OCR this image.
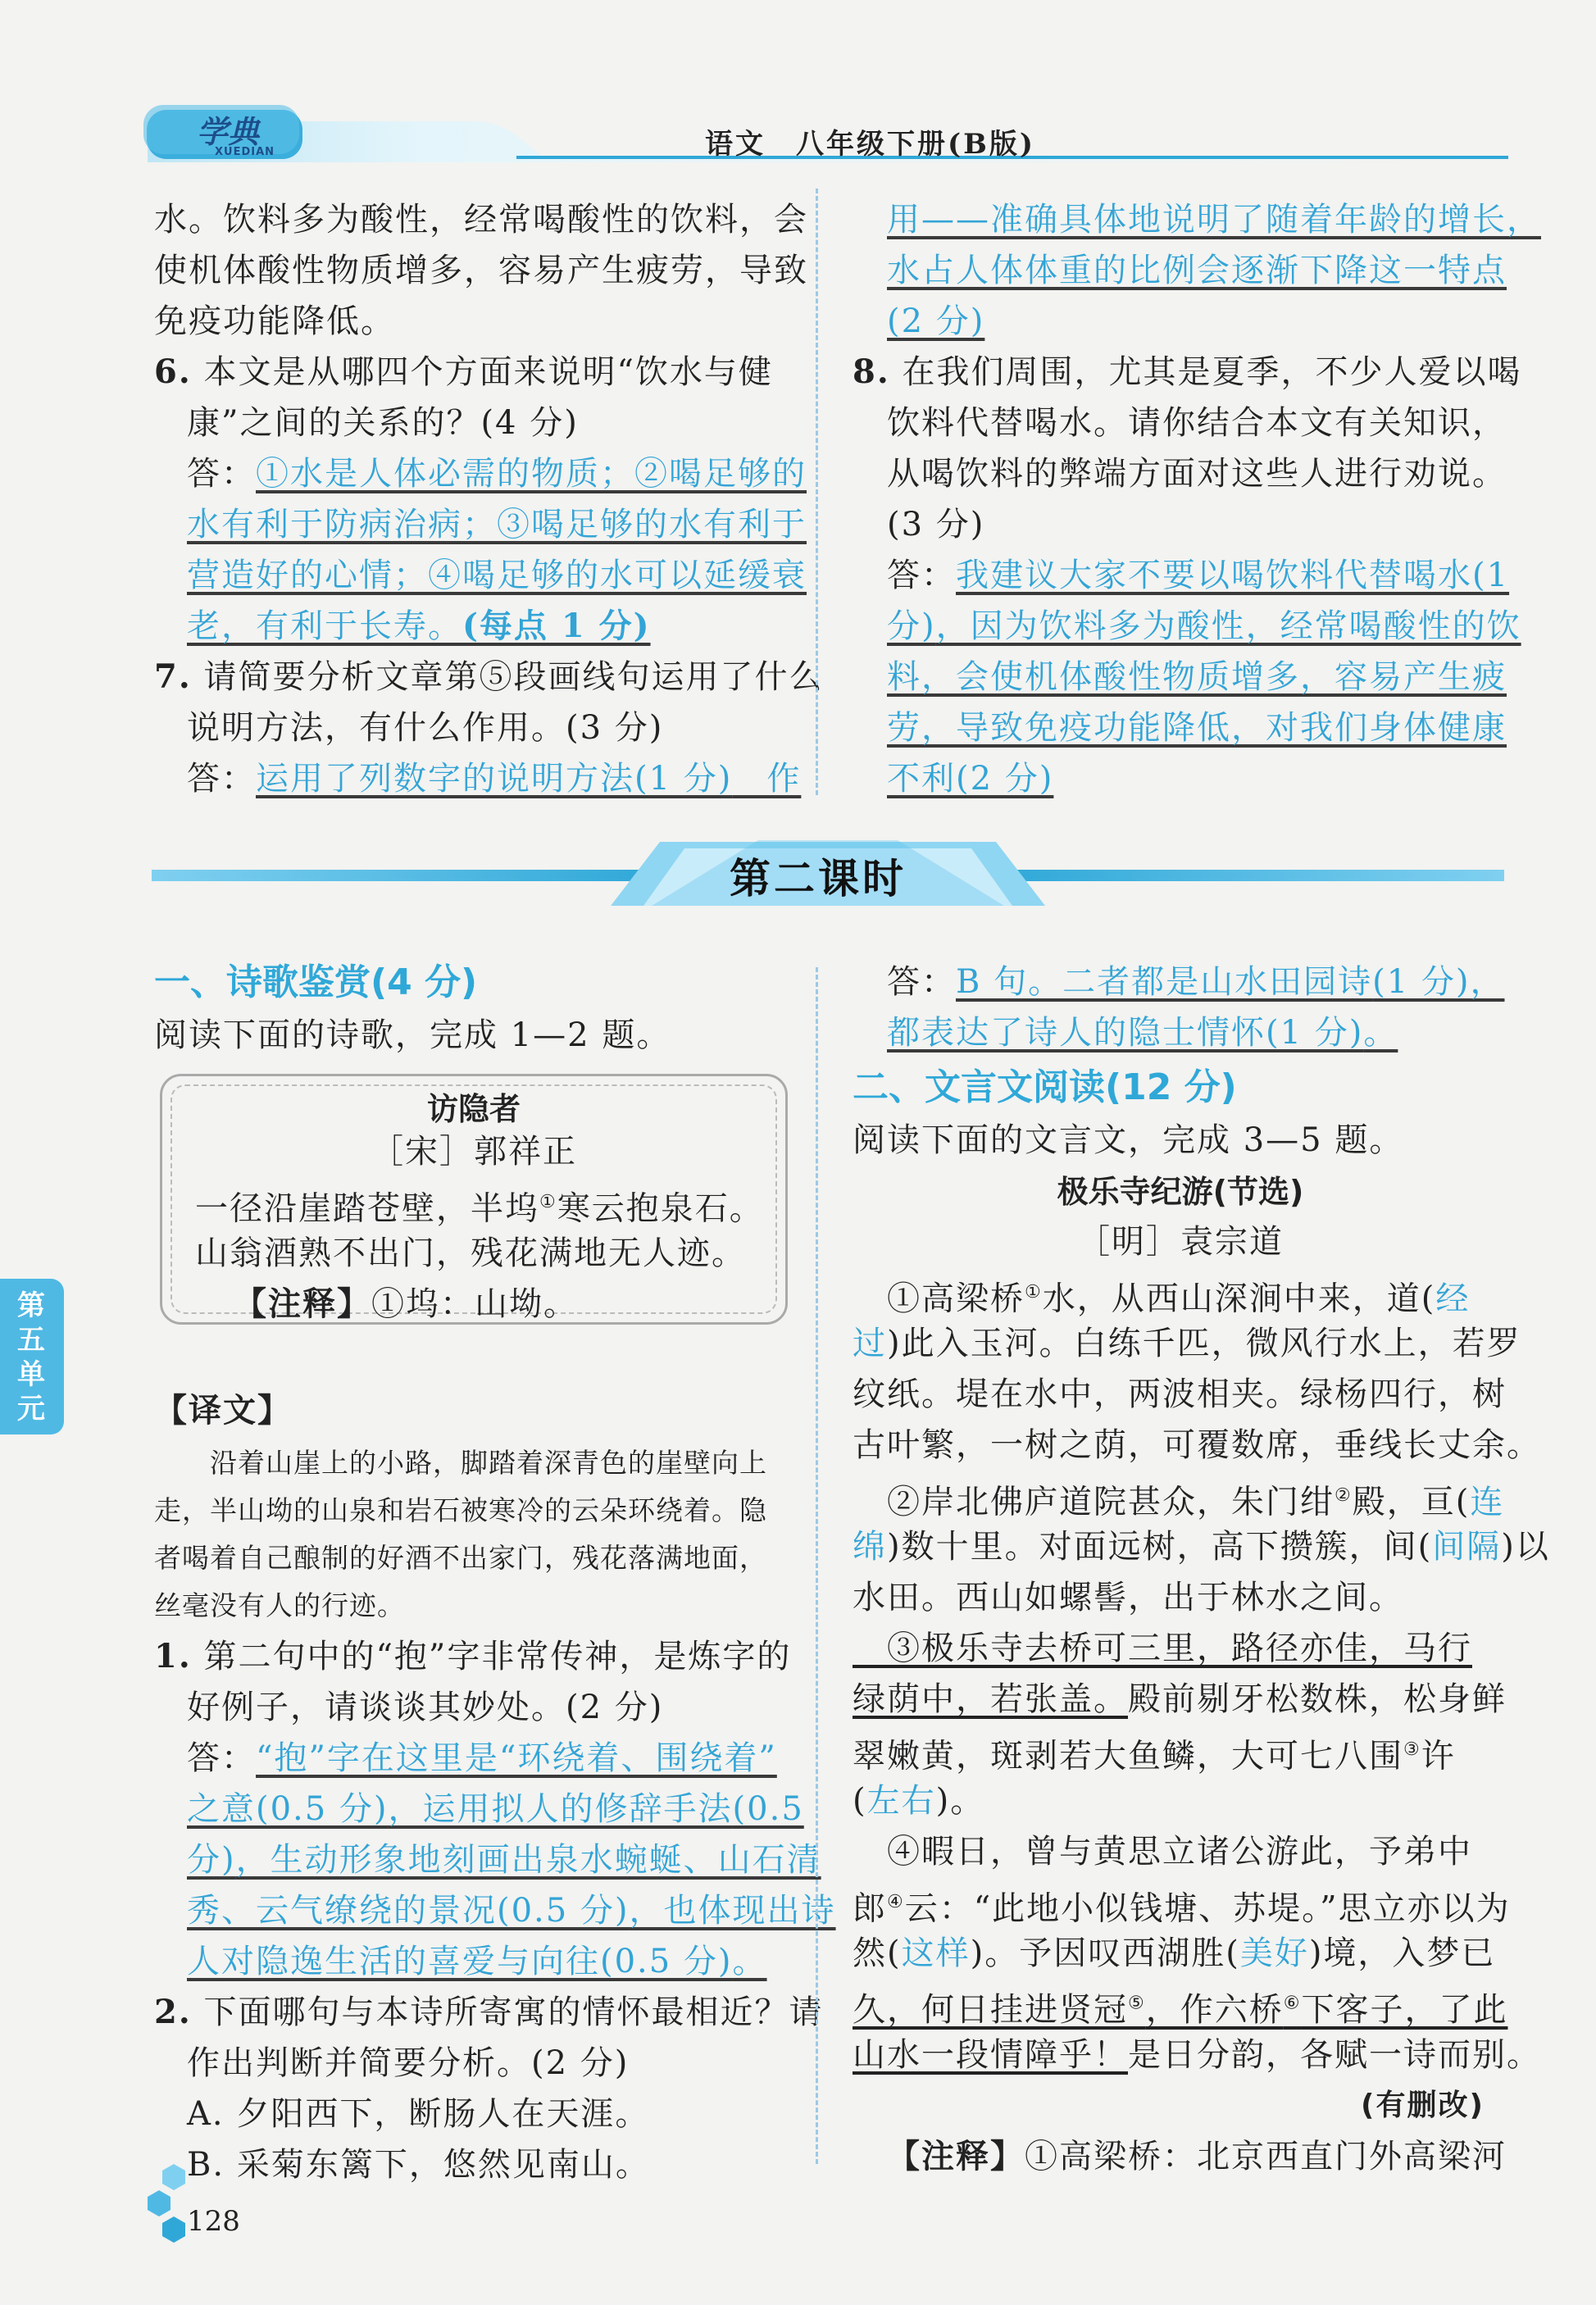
学典
XUEDIAN	语文　八年级下册(B版)
水。饮料多为酸性，经常喝酸性的饮料，会
使机体酸性物质增多，容易产生疲劳，导致
免疫功能降低。
6. 本文是从哪四个方面来说明“饮水与健
康”之间的关系的？(4 分)
答：①水是人体必需的物质；②喝足够的
水有利于防病治病；③喝足够的水有利于
营造好的心情；④喝足够的水可以延缓衰
老，有利于长寿。(每点 1 分)
7. 请简要分析文章第⑤段画线句运用了什么
说明方法，有什么作用。(3 分)
答：运用了列数字的说明方法(1 分)　作
用——准确具体地说明了随着年龄的增长，
水占人体体重的比例会逐渐下降这一特点
(2 分)
8. 在我们周围，尤其是夏季，不少人爱以喝
饮料代替喝水。请你结合本文有关知识，
从喝饮料的弊端方面对这些人进行劝说。
(3 分)
答：我建议大家不要以喝饮料代替喝水(1
分)，因为饮料多为酸性，经常喝酸性的饮
料，会使机体酸性物质增多，容易产生疲
劳，导致免疫功能降低，对我们身体健康
不利(2 分)
第二课时
一、诗歌鉴赏(4 分)
阅读下面的诗歌，完成 1—2 题。
访隐者
［宋］郭祥正
一径沿崖踏苍壁，半坞①寒云抱泉石。
山翁酒熟不出门，残花满地无人迹。
【注释】①坞：山坳。
【译文】
　　沿着山崖上的小路，脚踏着深青色的崖壁向上
走，半山坳的山泉和岩石被寒冷的云朵环绕着。隐
者喝着自己酿制的好酒不出家门，残花落满地面，
丝毫没有人的行迹。
1. 第二句中的“抱”字非常传神，是炼字的
好例子，请谈谈其妙处。(2 分)
答：“抱”字在这里是“环绕着、围绕着”
之意(0.5 分)，运用拟人的修辞手法(0.5
分)，生动形象地刻画出泉水蜿蜒、山石清
秀、云气缭绕的景况(0.5 分)，也体现出诗
人对隐逸生活的喜爱与向往(0.5 分)。
2. 下面哪句与本诗所寄寓的情怀最相近？请
作出判断并简要分析。(2 分)
A. 夕阳西下，断肠人在天涯。
B. 采菊东篱下，悠然见南山。
答：B 句。二者都是山水田园诗(1 分)，
都表达了诗人的隐士情怀(1 分)。
二、文言文阅读(12 分)
阅读下面的文言文，完成 3—5 题。
极乐寺纪游(节选)
［明］袁宗道
　①高梁桥①水，从西山深涧中来，道(经
过)此入玉河。白练千匹，微风行水上，若罗
纹纸。堤在水中，两波相夹。绿杨四行，树
古叶繁，一树之荫，可覆数席，垂线长丈余。
　②岸北佛庐道院甚众，朱门绀②殿，亘(连
绵)数十里。对面远树，高下攒簇，间(间隔)以
水田。西山如螺髻，出于林水之间。
　③极乐寺去桥可三里，路径亦佳，马行
绿荫中，若张盖。殿前剔牙松数株，松身鲜
翠嫩黄，斑剥若大鱼鳞，大可七八围③许
(左右)。
　④暇日，曾与黄思立诸公游此，予弟中
郎④云：“此地小似钱塘、苏堤。”思立亦以为
然(这样)。予因叹西湖胜(美好)境，入梦已
久，何日挂进贤冠⑤，作六桥⑥下客子，了此
山水一段情障乎！是日分韵，各赋一诗而别。
(有删改)
【注释】①高梁桥：北京西直门外高梁河
第五单元
128
